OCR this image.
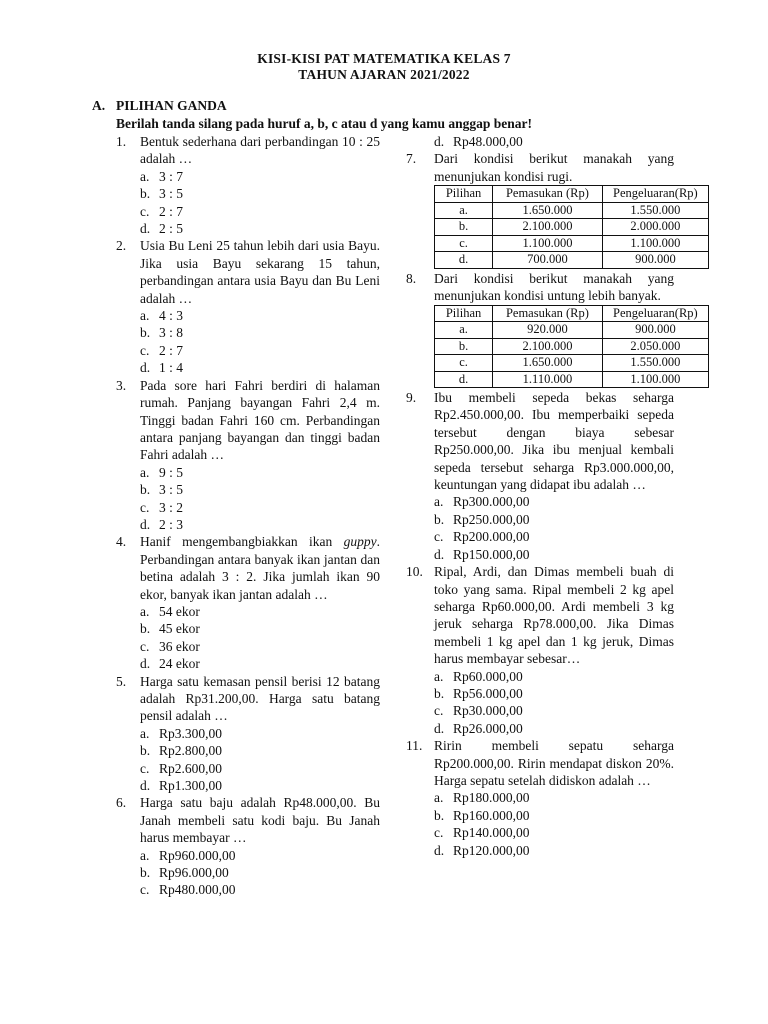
KISI-KISI PAT MATEMATIKA KELAS 7
TAHUN AJARAN 2021/2022
A. PILIHAN GANDA
Berilah tanda silang pada huruf a, b, c atau d yang kamu anggap benar!
1. Bentuk sederhana dari perbandingan 10 : 25 adalah …
a. 3 : 7
b. 3 : 5
c. 2 : 7
d. 2 : 5
2. Usia Bu Leni 25 tahun lebih dari usia Bayu. Jika usia Bayu sekarang 15 tahun, perbandingan antara usia Bayu dan Bu Leni adalah …
a. 4 : 3
b. 3 : 8
c. 2 : 7
d. 1 : 4
3. Pada sore hari Fahri berdiri di halaman rumah. Panjang bayangan Fahri 2,4 m. Tinggi badan Fahri 160 cm. Perbandingan antara panjang bayangan dan tinggi badan Fahri adalah …
a. 9 : 5
b. 3 : 5
c. 3 : 2
d. 2 : 3
4. Hanif mengembangbiakkan ikan guppy. Perbandingan antara banyak ikan jantan dan betina adalah 3 : 2. Jika jumlah ikan 90 ekor, banyak ikan jantan adalah …
a. 54 ekor
b. 45 ekor
c. 36 ekor
d. 24 ekor
5. Harga satu kemasan pensil berisi 12 batang adalah Rp31.200,00. Harga satu batang pensil adalah …
a. Rp3.300,00
b. Rp2.800,00
c. Rp2.600,00
d. Rp1.300,00
6. Harga satu baju adalah Rp48.000,00. Bu Janah membeli satu kodi baju. Bu Janah harus membayar …
a. Rp960.000,00
b. Rp96.000,00
c. Rp480.000,00
d. Rp48.000,00
7. Dari kondisi berikut manakah yang menunjukan kondisi rugi.
Pilihan	Pemasukan (Rp)	Pengeluaran(Rp)
a.	1.650.000	1.550.000
b.	2.100.000	2.000.000
c.	1.100.000	1.100.000
d.	700.000	900.000
8. Dari kondisi berikut manakah yang menunjukan kondisi untung lebih banyak.
Pilihan	Pemasukan (Rp)	Pengeluaran(Rp)
a.	920.000	900.000
b.	2.100.000	2.050.000
c.	1.650.000	1.550.000
d.	1.110.000	1.100.000
9. Ibu membeli sepeda bekas seharga Rp2.450.000,00. Ibu memperbaiki sepeda tersebut dengan biaya sebesar Rp250.000,00. Jika ibu menjual kembali sepeda tersebut seharga Rp3.000.000,00, keuntungan yang didapat ibu adalah …
a. Rp300.000,00
b. Rp250.000,00
c. Rp200.000,00
d. Rp150.000,00
10. Ripal, Ardi, dan Dimas membeli buah di toko yang sama. Ripal membeli 2 kg apel seharga Rp60.000,00. Ardi membeli 3 kg jeruk seharga Rp78.000,00. Jika Dimas membeli 1 kg apel dan 1 kg jeruk, Dimas harus membayar sebesar…
a. Rp60.000,00
b. Rp56.000,00
c. Rp30.000,00
d. Rp26.000,00
11. Ririn membeli sepatu seharga Rp200.000,00. Ririn mendapat diskon 20%. Harga sepatu setelah didiskon adalah …
a. Rp180.000,00
b. Rp160.000,00
c. Rp140.000,00
d. Rp120.000,00
